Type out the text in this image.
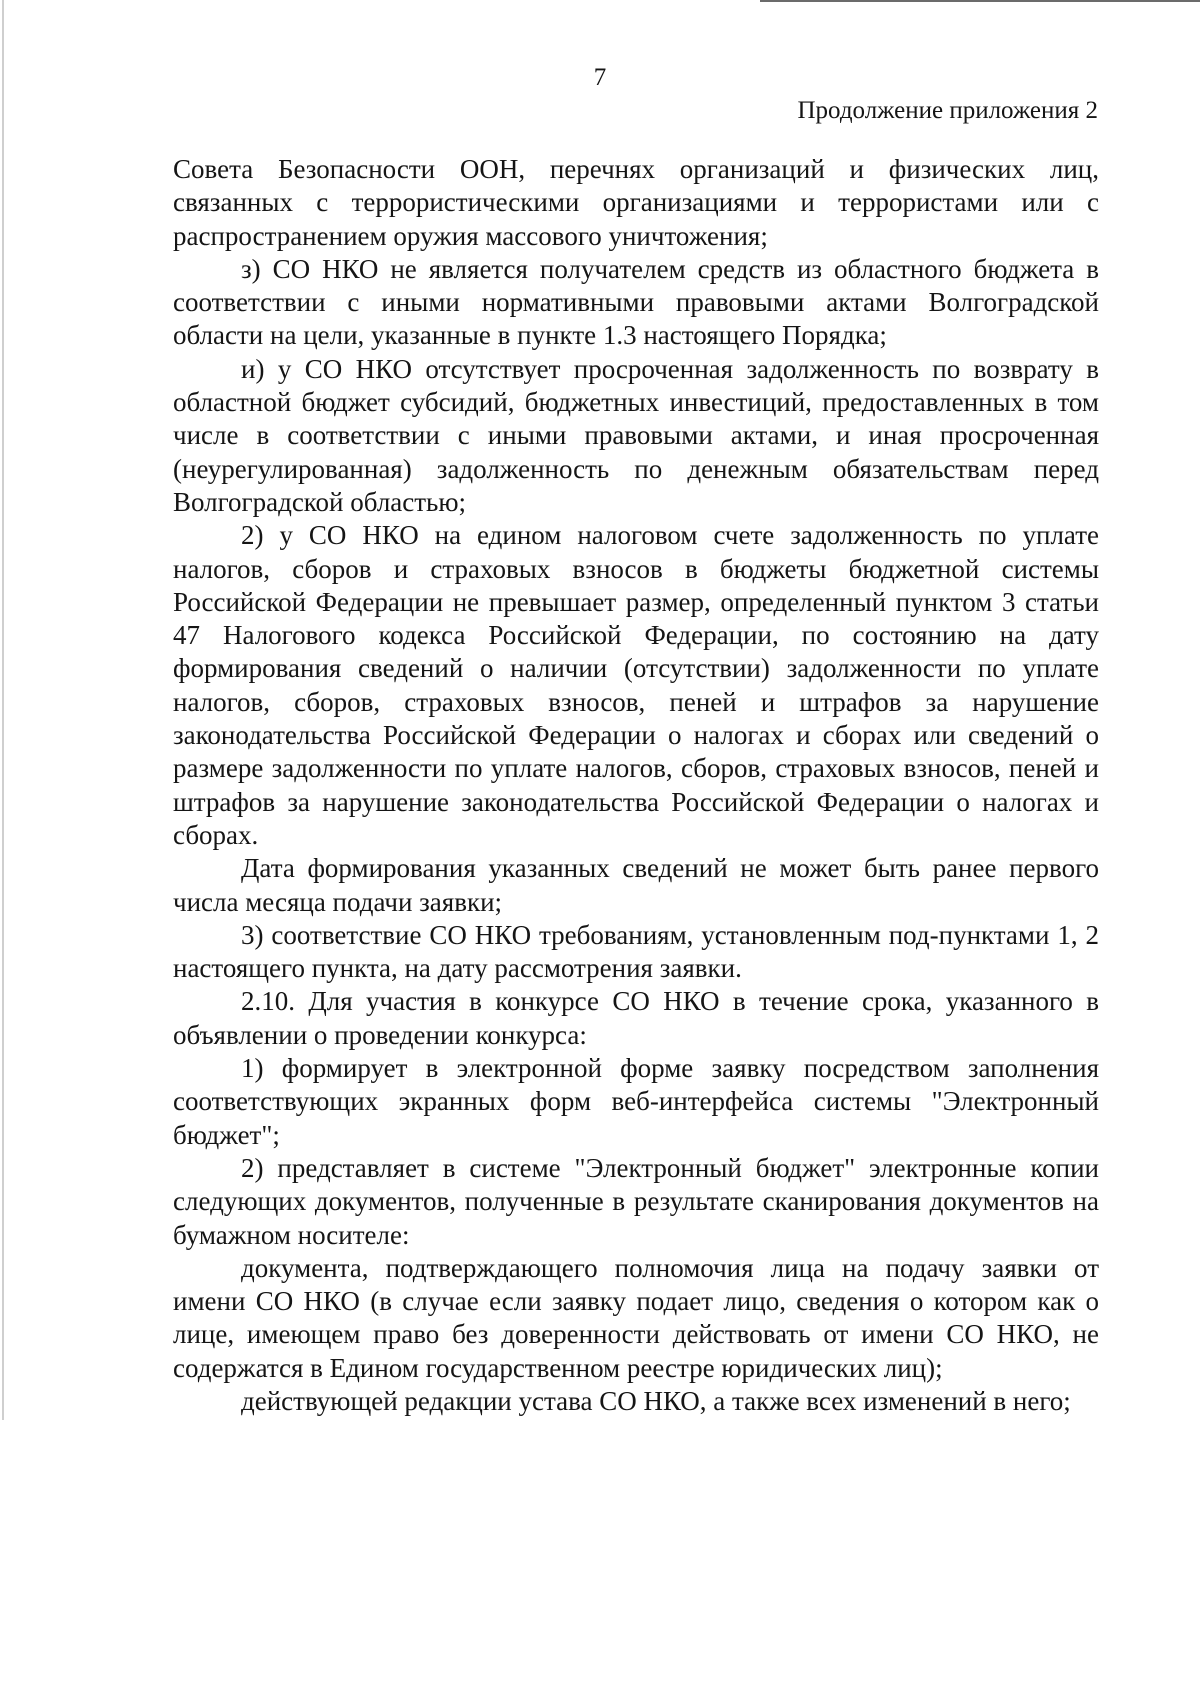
7
Продолжение приложения 2

Совета Безопасности ООН, перечнях организаций и физических лиц, связанных с террористическими организациями и террористами или с распространением оружия массового уничтожения;

з) СО НКО не является получателем средств из областного бюджета в соответствии с иными нормативными правовыми актами Волгоградской области на цели, указанные в пункте 1.3 настоящего Порядка;

и) у СО НКО отсутствует просроченная задолженность по возврату в областной бюджет субсидий, бюджетных инвестиций, предоставленных в том числе в соответствии с иными правовыми актами, и иная просроченная (неурегулированная) задолженность по денежным обязательствам перед Волгоградской областью;

2) у СО НКО на едином налоговом счете задолженность по уплате налогов, сборов и страховых взносов в бюджеты бюджетной системы Российской Федерации не превышает размер, определенный пунктом 3 статьи 47 Налогового кодекса Российской Федерации, по состоянию на дату формирования сведений о наличии (отсутствии) задолженности по уплате налогов, сборов, страховых взносов, пеней и штрафов за нарушение законодательства Российской Федерации о налогах и сборах или сведений о размере задолженности по уплате налогов, сборов, страховых взносов, пеней и штрафов за нарушение законодательства Российской Федерации о налогах и сборах.

Дата формирования указанных сведений не может быть ранее первого числа месяца подачи заявки;

3) соответствие СО НКО требованиям, установленным под-пунктами 1, 2 настоящего пункта, на дату рассмотрения заявки.

2.10. Для участия в конкурсе СО НКО в течение срока, указанного в объявлении о проведении конкурса:

1) формирует в электронной форме заявку посредством заполнения соответствующих экранных форм веб-интерфейса системы "Электронный бюджет";

2) представляет в системе "Электронный бюджет" электронные копии следующих документов, полученные в результате сканирования документов на бумажном носителе:

документа, подтверждающего полномочия лица на подачу заявки от имени СО НКО (в случае если заявку подает лицо, сведения о котором как о лице, имеющем право без доверенности действовать от имени СО НКО, не содержатся в Едином государственном реестре юридических лиц);

действующей редакции устава СО НКО, а также всех изменений в него;
